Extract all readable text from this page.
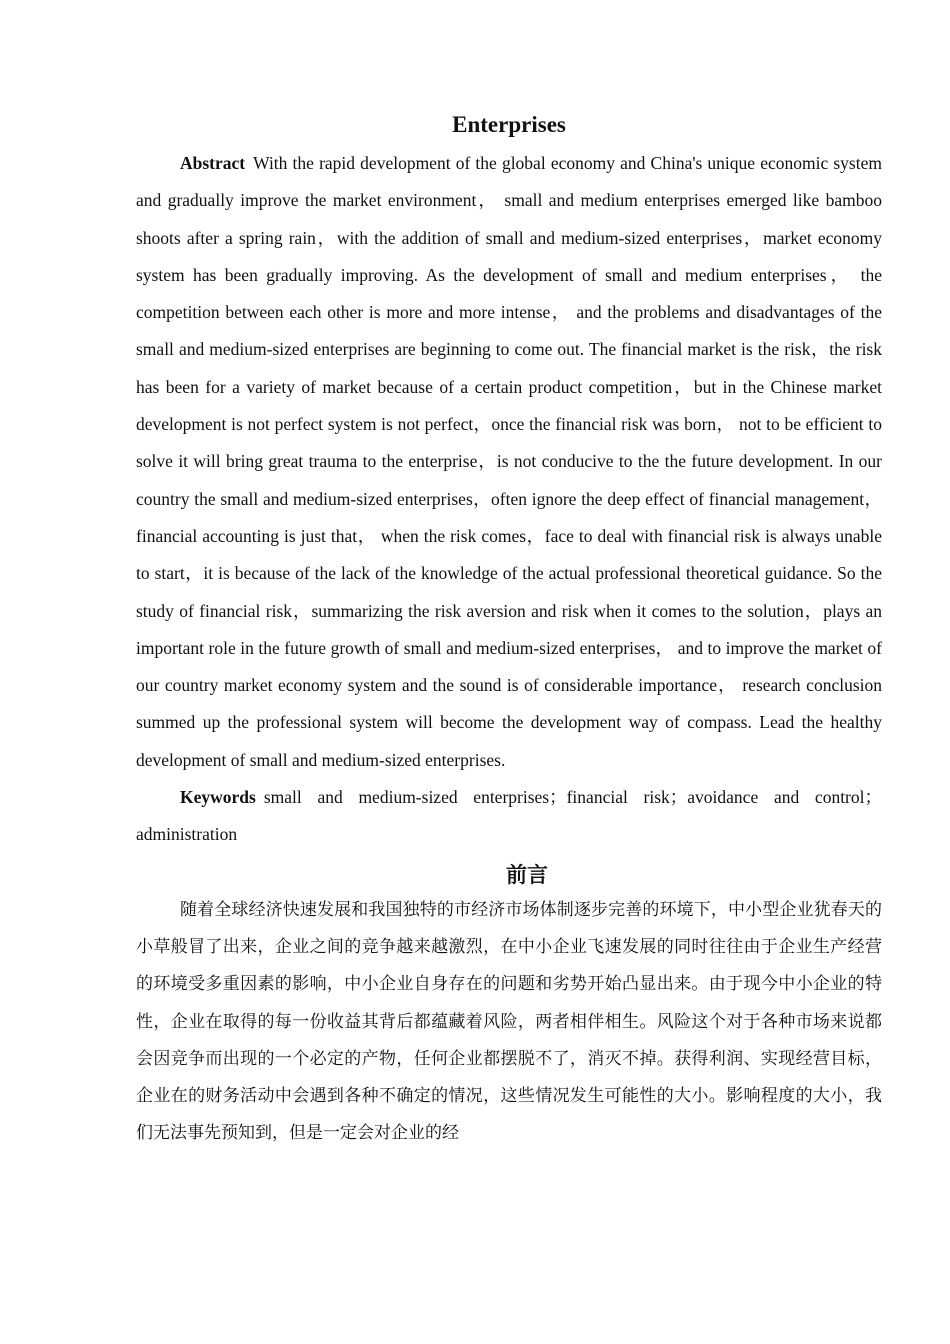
Enterprises

Abstract With the rapid development of the global economy and China's unique economic system and gradually improve the market environment， small and medium enterprises emerged like bamboo shoots after a spring rain，with the addition of small and medium-sized enterprises，market economy system has been gradually improving. As the development of small and medium enterprises， the competition between each other is more and more intense， and the problems and disadvantages of the small and medium-sized enterprises are beginning to come out. The financial market is the risk，the risk has been for a variety of market because of a certain product competition，but in the Chinese market development is not perfect system is not perfect，once the financial risk was born， not to be efficient to solve it will bring great trauma to the enterprise，is not conducive to the the future development. In our country the small and medium-sized enterprises，often ignore the deep effect of financial management，financial accounting is just that， when the risk comes，face to deal with financial risk is always unable to start，it is because of the lack of the knowledge of the actual professional theoretical guidance. So the study of financial risk，summarizing the risk aversion and risk when it comes to the solution，plays an important role in the future growth of small and medium-sized enterprises， and to improve the market of our country market economy system and the sound is of considerable importance， research conclusion summed up the professional system will become the development way of compass. Lead the healthy development of small and medium-sized enterprises.

Keywords small and medium-sized enterprises；financial risk；avoidance and control；administration

前言

随着全球经济快速发展和我国独特的市经济市场体制逐步完善的环境下，中小型企业犹春天的小草般冒了出来，企业之间的竞争越来越激烈，在中小企业飞速发展的同时往往由于企业生产经营的环境受多重因素的影响，中小企业自身存在的问题和劣势开始凸显出来。由于现今中小企业的特性，企业在取得的每一份收益其背后都蕴藏着风险，两者相伴相生。风险这个对于各种市场来说都会因竞争而出现的一个必定的产物，任何企业都摆脱不了，消灭不掉。获得利润、实现经营目标，企业在的财务活动中会遇到各种不确定的情况，这些情况发生可能性的大小。影响程度的大小，我们无法事先预知到，但是一定会对企业的经
